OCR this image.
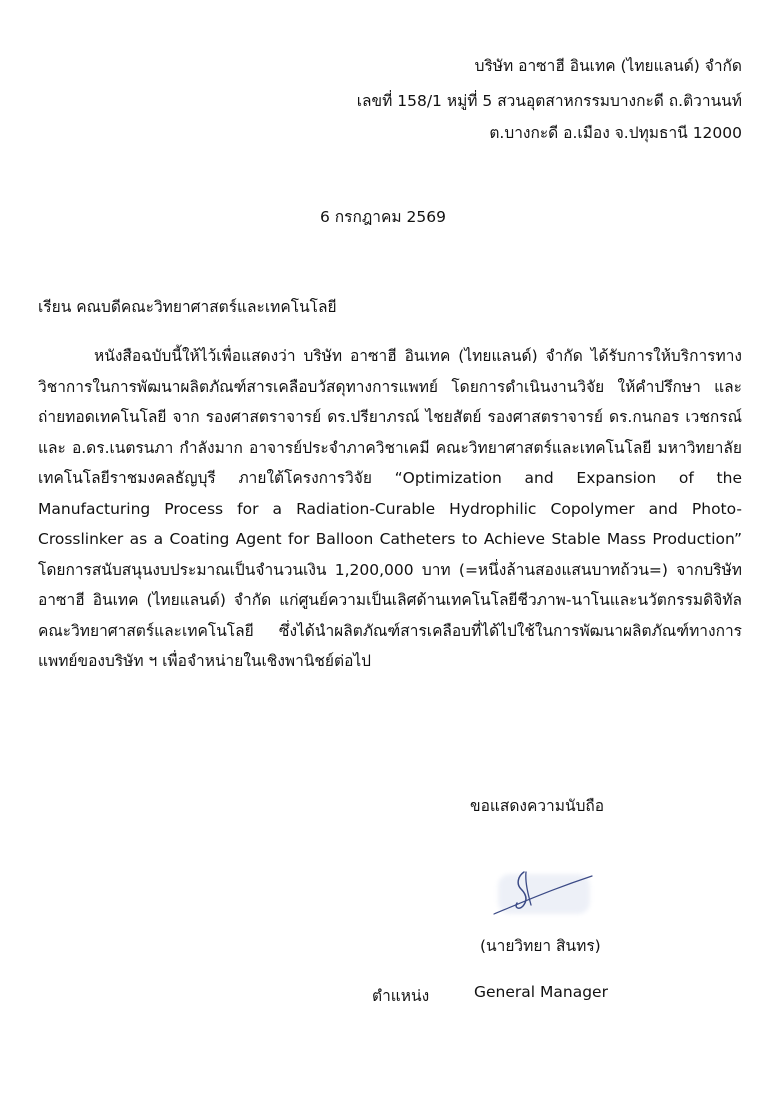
บริษัท อาซาฮี อินเทค (ไทยแลนด์) จำกัด
เลขที่ 158/1 หมู่ที่ 5 สวนอุตสาหกรรมบางกะดี ถ.ติวานนท์
ต.บางกะดี อ.เมือง จ.ปทุมธานี 12000
6 กรกฎาคม 2569
เรียน คณบดีคณะวิทยาศาสตร์และเทคโนโลยี

หนังสือฉบับนี้ให้ไว้เพื่อแสดงว่า บริษัท อาซาฮี อินเทค (ไทยแลนด์) จำกัด ได้รับการให้บริการทางวิชาการในการพัฒนาผลิตภัณฑ์สารเคลือบวัสดุทางการแพทย์ โดยการดำเนินงานวิจัย ให้คำปรึกษา และถ่ายทอดเทคโนโลยี จาก รองศาสตราจารย์ ดร.ปรียาภรณ์ ไชยสัตย์ รองศาสตราจารย์ ดร.กนกอร เวชกรณ์ และ อ.ดร.เนตรนภา กำลังมาก อาจารย์ประจำภาควิชาเคมี คณะวิทยาศาสตร์และเทคโนโลยี มหาวิทยาลัยเทคโนโลยีราชมงคลธัญบุรี ภายใต้โครงการวิจัย “Optimization and Expansion of the Manufacturing Process for a Radiation-Curable Hydrophilic Copolymer and Photo-Crosslinker as a Coating Agent for Balloon Catheters to Achieve Stable Mass Production” โดยการสนับสนุนงบประมาณเป็นจำนวนเงิน 1,200,000 บาท (=หนึ่งล้านสองแสนบาทถ้วน=) จากบริษัท อาซาฮี อินเทค (ไทยแลนด์) จำกัด แก่ศูนย์ความเป็นเลิศด้านเทคโนโลยีชีวภาพ-นาโนและนวัตกรรมดิจิทัล คณะวิทยาศาสตร์และเทคโนโลยี ซึ่งได้นำผลิตภัณฑ์สารเคลือบที่ได้ไปใช้ในการพัฒนาผลิตภัณฑ์ทางการแพทย์ของบริษัท ฯ เพื่อจำหน่ายในเชิงพานิชย์ต่อไป

ขอแสดงความนับถือ
(นายวิทยา สินทร)
ตำแหน่ง	General Manager
